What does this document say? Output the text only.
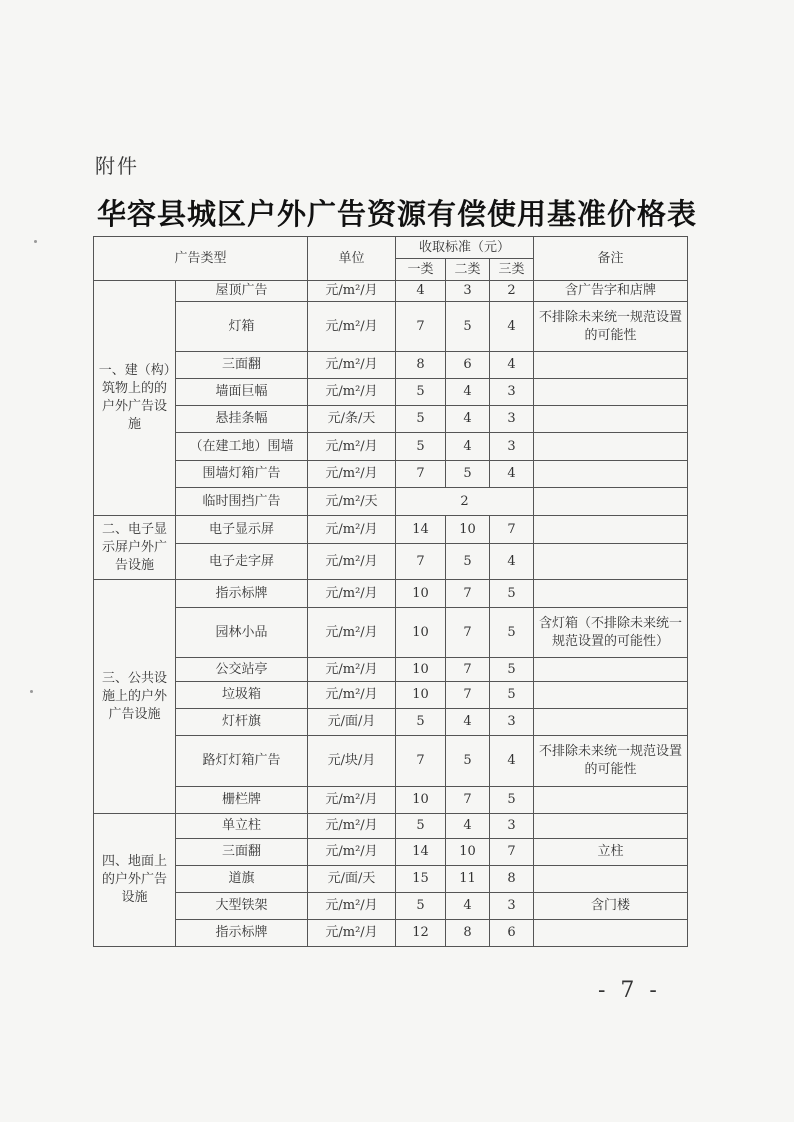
附件
华容县城区户外广告资源有偿使用基准价格表
广告类型		单位	收取标准（元）			备注
			一类	二类	三类	
一、建（构）筑物上的的户外广告设施	屋顶广告	元/m²/月	4	3	2	含广告字和店牌
	灯箱	元/m²/月	7	5	4	不排除未来统一规范设置的可能性
	三面翻	元/m²/月	8	6	4	
	墙面巨幅	元/m²/月	5	4	3	
	悬挂条幅	元/条/天	5	4	3	
	（在建工地）围墙	元/m²/月	5	4	3	
	围墙灯箱广告	元/m²/月	7	5	4	
	临时围挡广告	元/m²/天	2			
二、电子显示屏户外广告设施	电子显示屏	元/m²/月	14	10	7	
	电子走字屏	元/m²/月	7	5	4	
三、公共设施上的户外广告设施	指示标牌	元/m²/月	10	7	5	
	园林小品	元/m²/月	10	7	5	含灯箱（不排除未来统一规范设置的可能性）
	公交站亭	元/m²/月	10	7	5	
	垃圾箱	元/m²/月	10	7	5	
	灯杆旗	元/面/月	5	4	3	
	路灯灯箱广告	元/块/月	7	5	4	不排除未来统一规范设置的可能性
	栅栏牌	元/m²/月	10	7	5	
四、地面上的户外广告设施	单立柱	元/m²/月	5	4	3	
	三面翻	元/m²/月	14	10	7	立柱
	道旗	元/面/天	15	11	8	
	大型铁架	元/m²/月	5	4	3	含门楼
	指示标牌	元/m²/月	12	8	6	
- 7 -
